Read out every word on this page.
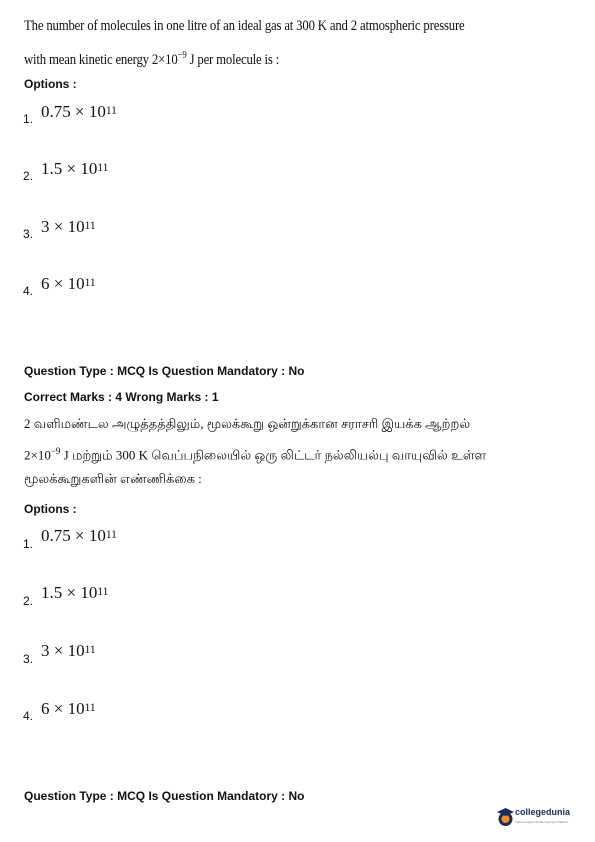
The number of molecules in one litre of an ideal gas at 300 K and 2 atmospheric pressure
with mean kinetic energy $2\times 10^{-9}$ J per molecule is :
Options :
1. $0.75 \times 10^{11}$
2. $1.5 \times 10^{11}$
3. $3 \times 10^{11}$
4. $6 \times 10^{11}$
Question Type : MCQ Is Question Mandatory : No
Correct Marks : 4 Wrong Marks : 1
2 வளிமண்டல அழுத்தத்திலும், மூலக்கூறு ஒன்றுக்கான சராசரி இயக்க ஆற்றல்
$2\times 10^{-9}$ J மற்றும் 300 K வெப்பநிலையில் ஒரு லிட்டர் நல்லியல்பு வாயுவில் உள்ள
மூலக்கூறுகளின் எண்ணிக்கை :
Options :
1. $0.75 \times 10^{11}$
2. $1.5 \times 10^{11}$
3. $3 \times 10^{11}$
4. $6 \times 10^{11}$
Question Type : MCQ Is Question Mandatory : No
collegedunia
India's Largest Student Review Platform
